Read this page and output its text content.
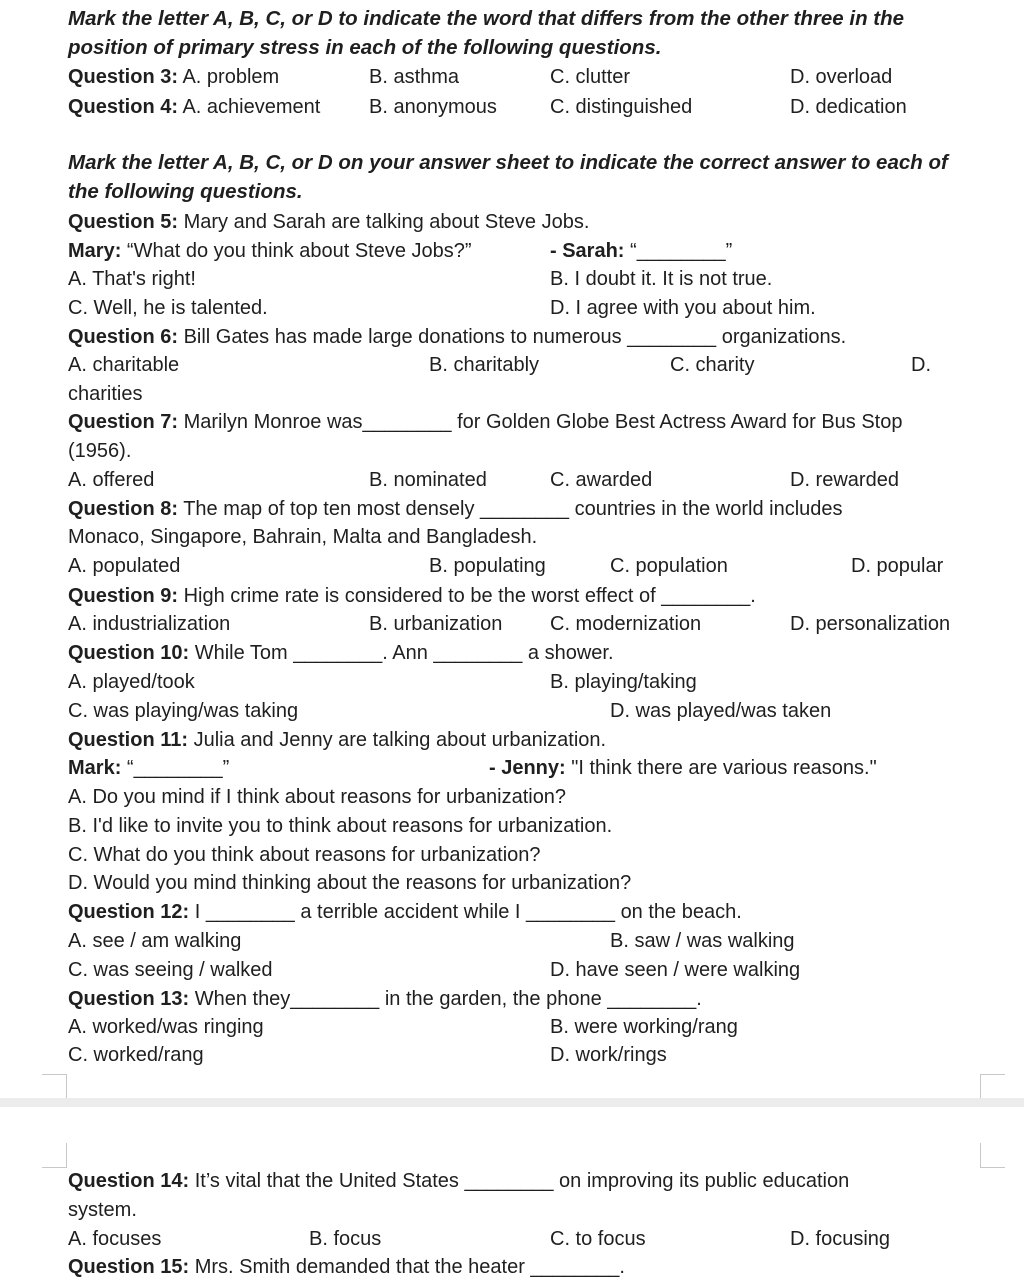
Mark the letter A, B, C, or D to indicate the word that differs from the other three in the
position of primary stress in each of the following questions.
Question 3: A. problem	B. asthma	C. clutter	D. overload
Question 4: A. achievement B. anonymous	C. distinguished	D. dedication
Mark the letter A, B, C, or D on your answer sheet to indicate the correct answer to each of
the following questions.
Question 5: Mary and Sarah are talking about Steve Jobs.
Mary: “What do you think about Steve Jobs?”	- Sarah: “________”
A. That's right!	B. I doubt it. It is not true.
C. Well, he is talented.	D. I agree with you about him.
Question 6: Bill Gates has made large donations to numerous ________ organizations.
A. charitable	B. charitably	C. charity	D.
charities
Question 7: Marilyn Monroe was________ for Golden Globe Best Actress Award for Bus Stop
(1956).
A. offered	B. nominated	C. awarded	D. rewarded
Question 8: The map of top ten most densely ________ countries in the world includes
Monaco, Singapore, Bahrain, Malta and Bangladesh.
A. populated	B. populating	C. population	D. popular
Question 9: High crime rate is considered to be the worst effect of ________.
A. industrialization	B. urbanization C. modernization	D. personalization
Question 10: While Tom ________. Ann ________ a shower.
A. played/took	B. playing/taking
C. was playing/was taking	D. was played/was taken
Question 11: Julia and Jenny are talking about urbanization.
Mark: “________”	- Jenny: "I think there are various reasons."
A. Do you mind if I think about reasons for urbanization?
B. I'd like to invite you to think about reasons for urbanization.
C. What do you think about reasons for urbanization?
D. Would you mind thinking about the reasons for urbanization?
Question 12: I ________ a terrible accident while I ________ on the beach.
A. see / am walking	B. saw / was walking
C. was seeing / walked	D. have seen / were walking
Question 13: When they________ in the garden, the phone ________.
A. worked/was ringing	B. were working/rang
C. worked/rang	D. work/rings
Question 14: It’s vital that the United States ________ on improving its public education
system.
A. focuses	B. focus	C. to focus	D. focusing
Question 15: Mrs. Smith demanded that the heater ________.
